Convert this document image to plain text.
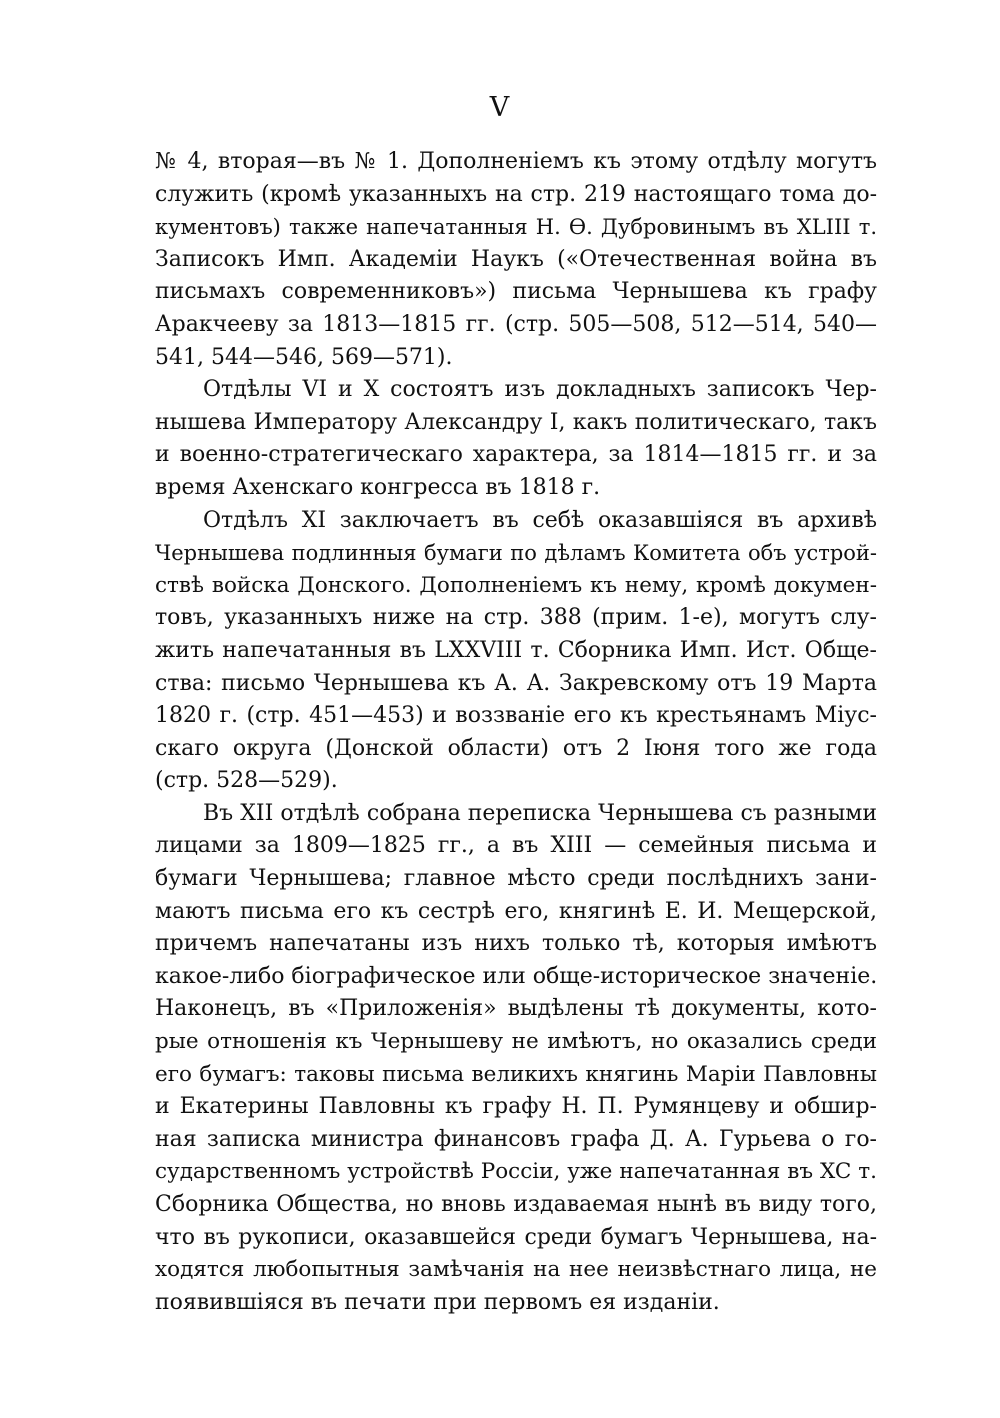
V
№ 4, вторая—въ № 1. Дополненіемъ къ этому отдѣлу могутъ
служить (кромѣ указанныхъ на стр. 219 настоящаго тома до-
кументовъ) также напечатанныя Н. Ѳ. Дубровинымъ въ XLIII т.
Записокъ Имп. Академіи Наукъ («Отечественная война въ
письмахъ современниковъ») письма Чернышева къ графу
Аракчееву за 1813—1815 гг. (стр. 505—508, 512—514, 540—
541, 544—546, 569—571).
Отдѣлы VI и X состоятъ изъ докладныхъ записокъ Чер-
нышева Императору Александру I, какъ политическаго, такъ
и военно-стратегическаго характера, за 1814—1815 гг. и за
время Ахенскаго конгресса въ 1818 г.
Отдѣлъ XI заключаетъ въ себѣ оказавшіяся въ архивѣ
Чернышева подлинныя бумаги по дѣламъ Комитета объ устрой-
ствѣ войска Донского. Дополненіемъ къ нему, кромѣ докумен-
товъ, указанныхъ ниже на стр. 388 (прим. 1-е), могутъ слу-
жить напечатанныя въ LXXVIII т. Сборника Имп. Ист. Обще-
ства: письмо Чернышева къ А. А. Закревскому отъ 19 Марта
1820 г. (стр. 451—453) и воззваніе его къ крестьянамъ Міус-
скаго округа (Донской области) отъ 2 Іюня того же года
(стр. 528—529).
Въ XII отдѣлѣ собрана переписка Чернышева съ разными
лицами за 1809—1825 гг., а въ XIII — семейныя письма и
бумаги Чернышева; главное мѣсто среди послѣднихъ зани-
маютъ письма его къ сестрѣ его, княгинѣ Е. И. Мещерской,
причемъ напечатаны изъ нихъ только тѣ, которыя имѣютъ
какое-либо біографическое или обще-историческое значеніе.
Наконецъ, въ «Приложенія» выдѣлены тѣ документы, кото-
рые отношенія къ Чернышеву не имѣютъ, но оказались среди
его бумагъ: таковы письма великихъ княгинь Маріи Павловны
и Екатерины Павловны къ графу Н. П. Румянцеву и обшир-
ная записка министра финансовъ графа Д. А. Гурьева о го-
сударственномъ устройствѣ Россіи, уже напечатанная въ XC т.
Сборника Общества, но вновь издаваемая нынѣ въ виду того,
что въ рукописи, оказавшейся среди бумагъ Чернышева, на-
ходятся любопытныя замѣчанія на нее неизвѣстнаго лица, не
появившіяся въ печати при первомъ ея изданіи.
